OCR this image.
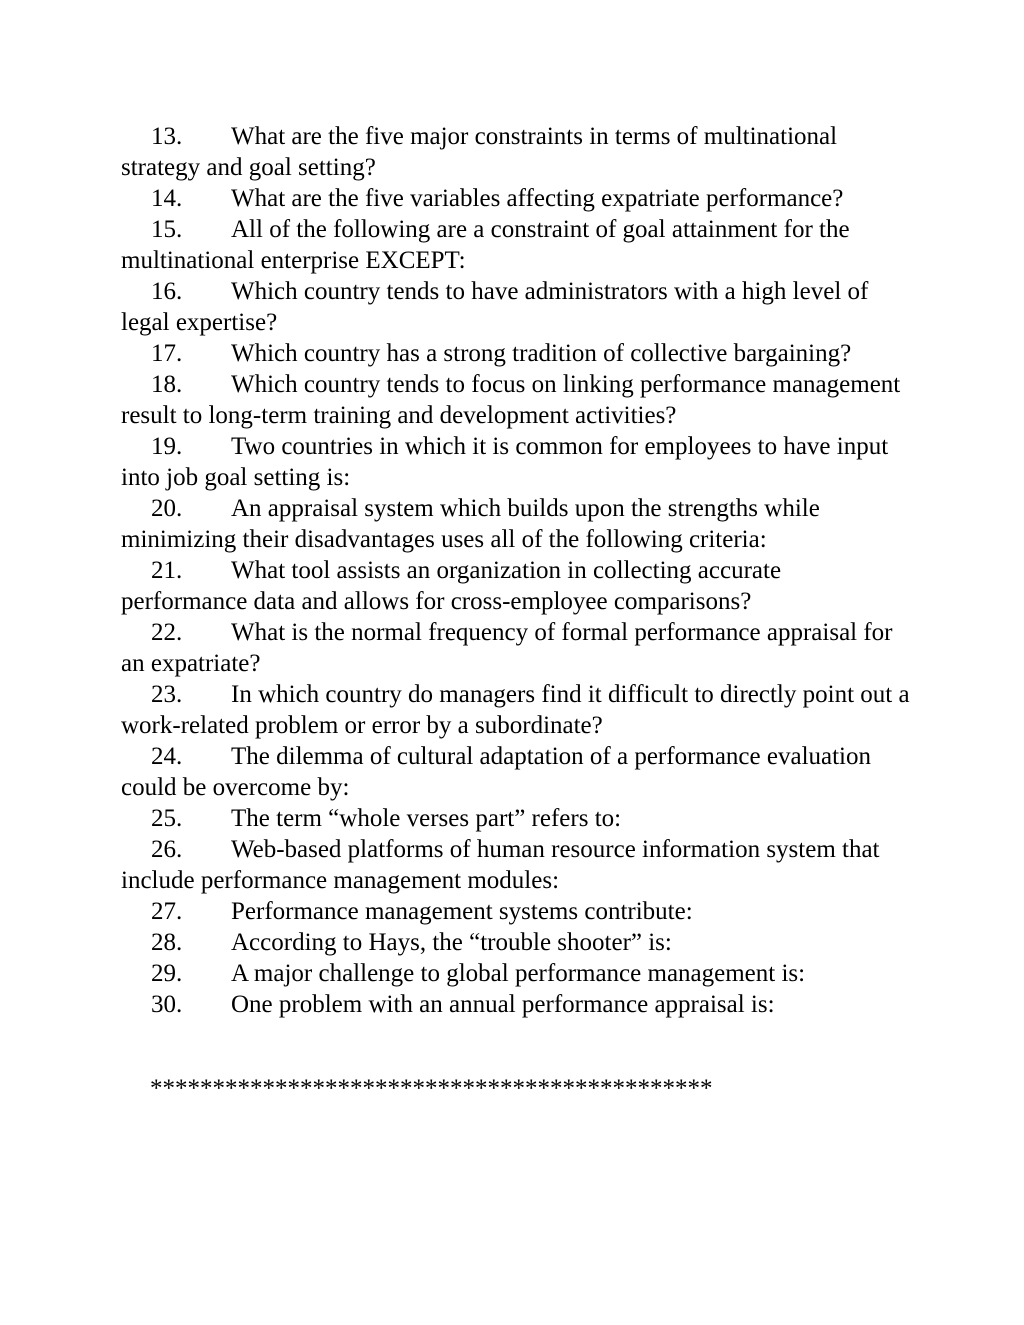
13. What are the five major constraints in terms of multinational strategy and goal setting?

14. What are the five variables affecting expatriate performance?

15. All of the following are a constraint of goal attainment for the multinational enterprise EXCEPT:

16. Which country tends to have administrators with a high level of legal expertise?

17. Which country has a strong tradition of collective bargaining?

18. Which country tends to focus on linking performance management result to long-term training and development activities?

19. Two countries in which it is common for employees to have input into job goal setting is:

20. An appraisal system which builds upon the strengths while minimizing their disadvantages uses all of the following criteria:

21. What tool assists an organization in collecting accurate performance data and allows for cross-employee comparisons?

22. What is the normal frequency of formal performance appraisal for an expatriate?

23. In which country do managers find it difficult to directly point out a work-related problem or error by a subordinate?

24. The dilemma of cultural adaptation of a performance evaluation could be overcome by:

25. The term “whole verses part” refers to:

26. Web-based platforms of human resource information system that include performance management modules:

27. Performance management systems contribute:

28. According to Hays, the “trouble shooter” is:

29. A major challenge to global performance management is:

30. One problem with an annual performance appraisal is:

*********************************************
